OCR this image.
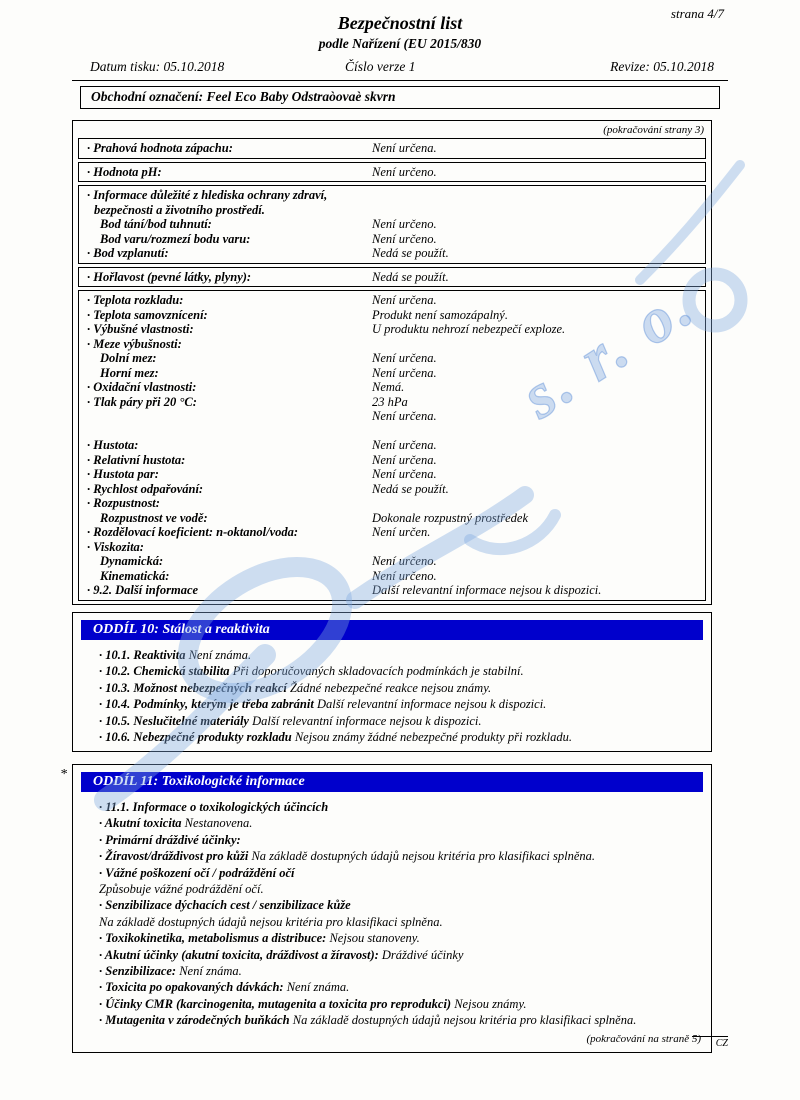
strana 4/7
Bezpečnostní list
podle Nařízení (EU 2015/830
Datum tisku: 05.10.2018	Číslo verze 1	Revize: 05.10.2018
Obchodní označení: Feel Eco Baby Odstraòovaè skvrn
(pokračování strany 3)
· Prahová hodnota zápachu:	Není určena.
· Hodnota pH:	Není určeno.
· Informace důležité z hlediska ochrany zdraví,
bezpečnosti a životního prostředí.
Bod tání/bod tuhnutí:	Není určeno.
Bod varu/rozmezí bodu varu:	Není určeno.
· Bod vzplanutí:	Nedá se použít.
· Hořlavost (pevné látky, plyny):	Nedá se použít.
· Teplota rozkladu:	Není určena.
· Teplota samovznícení:	Produkt není samozápalný.
· Výbušné vlastnosti:	U produktu nehrozí nebezpečí exploze.
· Meze výbušnosti:
Dolní mez:	Není určena.
Horní mez:	Není určena.
· Oxidační vlastnosti:	Nemá.
· Tlak páry při 20 °C:	23 hPa
Není určena.
· Hustota:	Není určena.
· Relativní hustota:	Není určena.
· Hustota par:	Není určena.
· Rychlost odpařování:	Nedá se použít.
· Rozpustnost:
Rozpustnost ve vodě:	Dokonale rozpustný prostředek
· Rozdělovací koeficient: n-oktanol/voda:	Není určen.
· Viskozita:
Dynamická:	Není určeno.
Kinematická:	Není určeno.
· 9.2. Další informace	Další relevantní informace nejsou k dispozici.
ODDÍL 10: Stálost a reaktivita
· 10.1. Reaktivita Není známa.
· 10.2. Chemická stabilita Při doporučovaných skladovacích podmínkách je stabilní.
· 10.3. Možnost nebezpečných reakcí Žádné nebezpečné reakce nejsou známy.
· 10.4. Podmínky, kterým je třeba zabránit Další relevantní informace nejsou k dispozici.
· 10.5. Neslučitelné materiály Další relevantní informace nejsou k dispozici.
· 10.6. Nebezpečné produkty rozkladu Nejsou známy žádné nebezpečné produkty při rozkladu.
*	ODDÍL 11: Toxikologické informace
· 11.1. Informace o toxikologických účincích
· Akutní toxicita Nestanovena.
· Primární dráždivé účinky:
· Žíravost/dráždivost pro kůži Na základě dostupných údajů nejsou kritéria pro klasifikaci splněna.
· Vážné poškození očí / podráždění očí
Způsobuje vážné podráždění očí.
· Senzibilizace dýchacích cest / senzibilizace kůže
Na základě dostupných údajů nejsou kritéria pro klasifikaci splněna.
· Toxikokinetika, metabolismus a distribuce: Nejsou stanoveny.
· Akutní účinky (akutní toxicita, dráždivost a žíravost): Dráždivé účinky
· Senzibilizace: Není známa.
· Toxicita po opakovaných dávkách: Není známa.
· Účinky CMR (karcinogenita, mutagenita a toxicita pro reprodukci) Nejsou známy.
· Mutagenita v zárodečných buňkách Na základě dostupných údajů nejsou kritéria pro klasifikaci splněna.
(pokračování na straně 5)	CZ
s. r. o.
